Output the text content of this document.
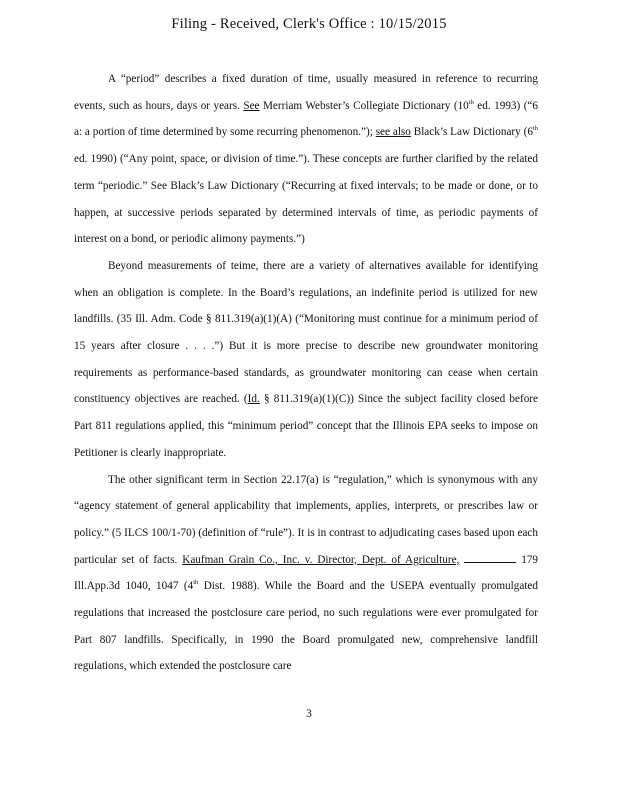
Filing - Received, Clerk's Office : 10/15/2015

A “period” describes a fixed duration of time, usually measured in reference to recurring events, such as hours, days or years. See Merriam Webster’s Collegiate Dictionary (10th ed. 1993) (“6 a: a portion of time determined by some recurring phenomenon.”); see also Black’s Law Dictionary (6th ed. 1990) (“Any point, space, or division of time.”). These concepts are further clarified by the related term “periodic.” See Black’s Law Dictionary (“Recurring at fixed intervals; to be made or done, or to happen, at successive periods separated by determined intervals of time, as periodic payments of interest on a bond, or periodic alimony payments.”)

Beyond measurements of teime, there are a variety of alternatives available for identifying when an obligation is complete. In the Board’s regulations, an indefinite period is utilized for new landfills. (35 Ill. Adm. Code § 811.319(a)(1)(A) (“Monitoring must continue for a minimum period of 15 years after closure . . . .”) But it is more precise to describe new groundwater monitoring requirements as performance-based standards, as groundwater monitoring can cease when certain constituency objectives are reached. (Id. § 811.319(a)(1)(C)) Since the subject facility closed before Part 811 regulations applied, this “minimum period” concept that the Illinois EPA seeks to impose on Petitioner is clearly inappropriate.

The other significant term in Section 22.17(a) is “regulation,” which is synonymous with any “agency statement of general applicability that implements, applies, interprets, or prescribes law or policy.” (5 ILCS 100/1-70) (definition of “rule”). It is in contrast to adjudicating cases based upon each particular set of facts. Kaufman Grain Co., Inc. v. Director, Dept. of Agriculture,	179 Ill.App.3d 1040, 1047 (4th Dist. 1988). While the Board and the USEPA eventually promulgated regulations that increased the postclosure care period, no such regulations were ever promulgated for Part 807 landfills. Specifically, in 1990 the Board promulgated new, comprehensive landfill regulations, which extended the postclosure care

3
